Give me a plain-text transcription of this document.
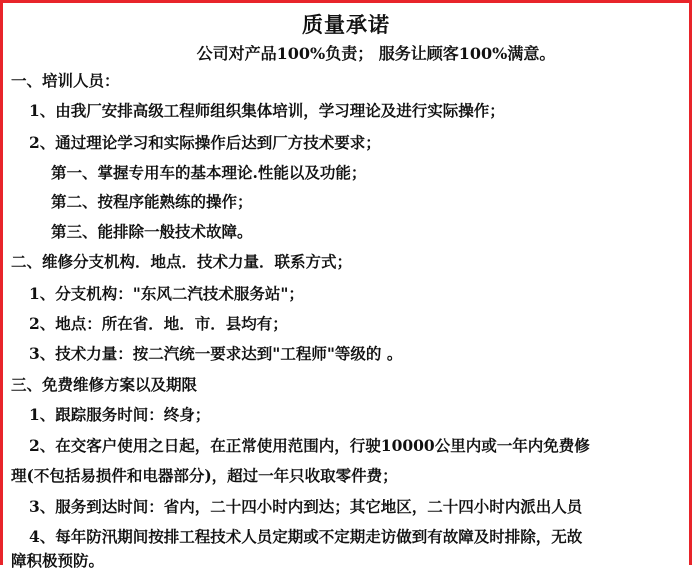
质量承诺
公司对产品100%负责； 服务让顾客100%满意。
一、培训人员：
1、由我厂安排高级工程师组织集体培训，学习理论及进行实际操作；
2、通过理论学习和实际操作后达到厂方技术要求；
第一、掌握专用车的基本理论.性能以及功能；
第二、按程序能熟练的操作；
第三、能排除一般技术故障。
二、维修分支机构．地点．技术力量．联系方式；
1、分支机构："东风二汽技术服务站"；
2、地点：所在省．地．市．县均有；
3、技术力量：按二汽统一要求达到"工程师"等级的 。
三、免费维修方案以及期限
1、跟踪服务时间：终身；
2、在交客户使用之日起，在正常使用范围内，行驶10000公里内或一年内免费修
理(不包括易损件和电器部分)，超过一年只收取零件费；
3、服务到达时间：省内，二十四小时内到达；其它地区，二十四小时内派出人员
4、每年防汛期间按排工程技术人员定期或不定期走访做到有故障及时排除，无故
障积极预防。
